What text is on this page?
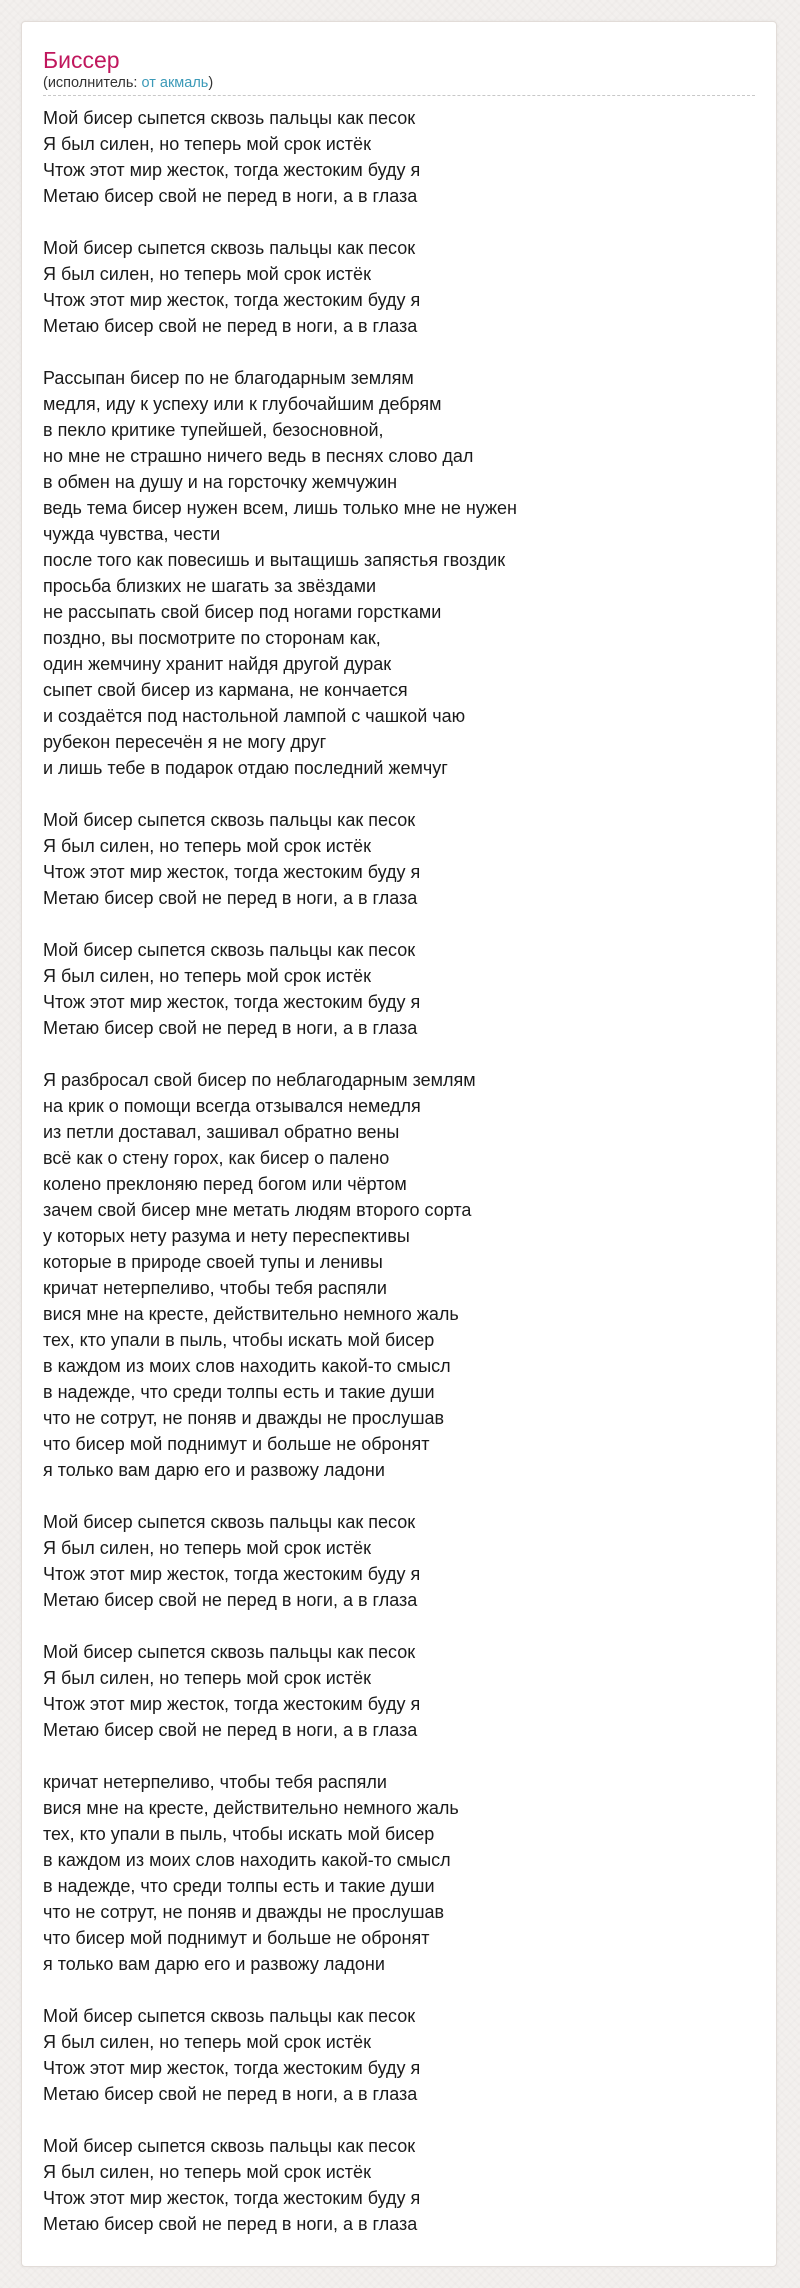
Биссер
(исполнитель: от акмаль)
Мой бисер сыпется сквозь пальцы как песок
Я был силен, но теперь мой срок истёк
Чтож этот мир жесток, тогда жестоким буду я
Метаю бисер свой не перед в ноги, а в глаза
Мой бисер сыпется сквозь пальцы как песок
Я был силен, но теперь мой срок истёк
Чтож этот мир жесток, тогда жестоким буду я
Метаю бисер свой не перед в ноги, а в глаза
Рассыпан бисер по не благодарным землям
медля, иду к успеху или к глубочайшим дебрям
в пекло критике тупейшей, безосновной,
но мне не страшно ничего ведь в песнях слово дал
в обмен на душу и на горсточку жемчужин
ведь тема бисер нужен всем, лишь только мне не нужен
чужда чувства, чести
после того как повесишь и вытащишь запястья гвоздик
просьба близких не шагать за звёздами
не рассыпать свой бисер под ногами горстками
поздно, вы посмотрите по сторонам как,
один жемчину хранит найдя другой дурак
сыпет свой бисер из кармана, не кончается
и создаётся под настольной лампой с чашкой чаю
рубекон пересечён я не могу друг
и лишь тебе в подарок отдаю последний жемчуг
Мой бисер сыпется сквозь пальцы как песок
Я был силен, но теперь мой срок истёк
Чтож этот мир жесток, тогда жестоким буду я
Метаю бисер свой не перед в ноги, а в глаза
Мой бисер сыпется сквозь пальцы как песок
Я был силен, но теперь мой срок истёк
Чтож этот мир жесток, тогда жестоким буду я
Метаю бисер свой не перед в ноги, а в глаза
Я разбросал свой бисер по неблагодарным землям
на крик о помощи всегда отзывался немедля
из петли доставал, зашивал обратно вены
всё как о стену горох, как бисер о палено
колено преклоняю перед богом или чёртом
зачем свой бисер мне метать людям второго сорта
у которых нету разума и нету переспективы
которые в природе своей тупы и ленивы
кричат нетерпеливо, чтобы тебя распяли
вися мне на кресте, действительно немного жаль
тех, кто упали в пыль, чтобы искать мой бисер
в каждом из моих слов находить какой-то смысл
в надежде, что среди толпы есть и такие души
что не сотрут, не поняв и дважды не прослушав
что бисер мой поднимут и больше не обронят
я только вам дарю его и развожу ладони
Мой бисер сыпется сквозь пальцы как песок
Я был силен, но теперь мой срок истёк
Чтож этот мир жесток, тогда жестоким буду я
Метаю бисер свой не перед в ноги, а в глаза
Мой бисер сыпется сквозь пальцы как песок
Я был силен, но теперь мой срок истёк
Чтож этот мир жесток, тогда жестоким буду я
Метаю бисер свой не перед в ноги, а в глаза
кричат нетерпеливо, чтобы тебя распяли
вися мне на кресте, действительно немного жаль
тех, кто упали в пыль, чтобы искать мой бисер
в каждом из моих слов находить какой-то смысл
в надежде, что среди толпы есть и такие души
что не сотрут, не поняв и дважды не прослушав
что бисер мой поднимут и больше не обронят
я только вам дарю его и развожу ладони
Мой бисер сыпется сквозь пальцы как песок
Я был силен, но теперь мой срок истёк
Чтож этот мир жесток, тогда жестоким буду я
Метаю бисер свой не перед в ноги, а в глаза
Мой бисер сыпется сквозь пальцы как песок
Я был силен, но теперь мой срок истёк
Чтож этот мир жесток, тогда жестоким буду я
Метаю бисер свой не перед в ноги, а в глаза
